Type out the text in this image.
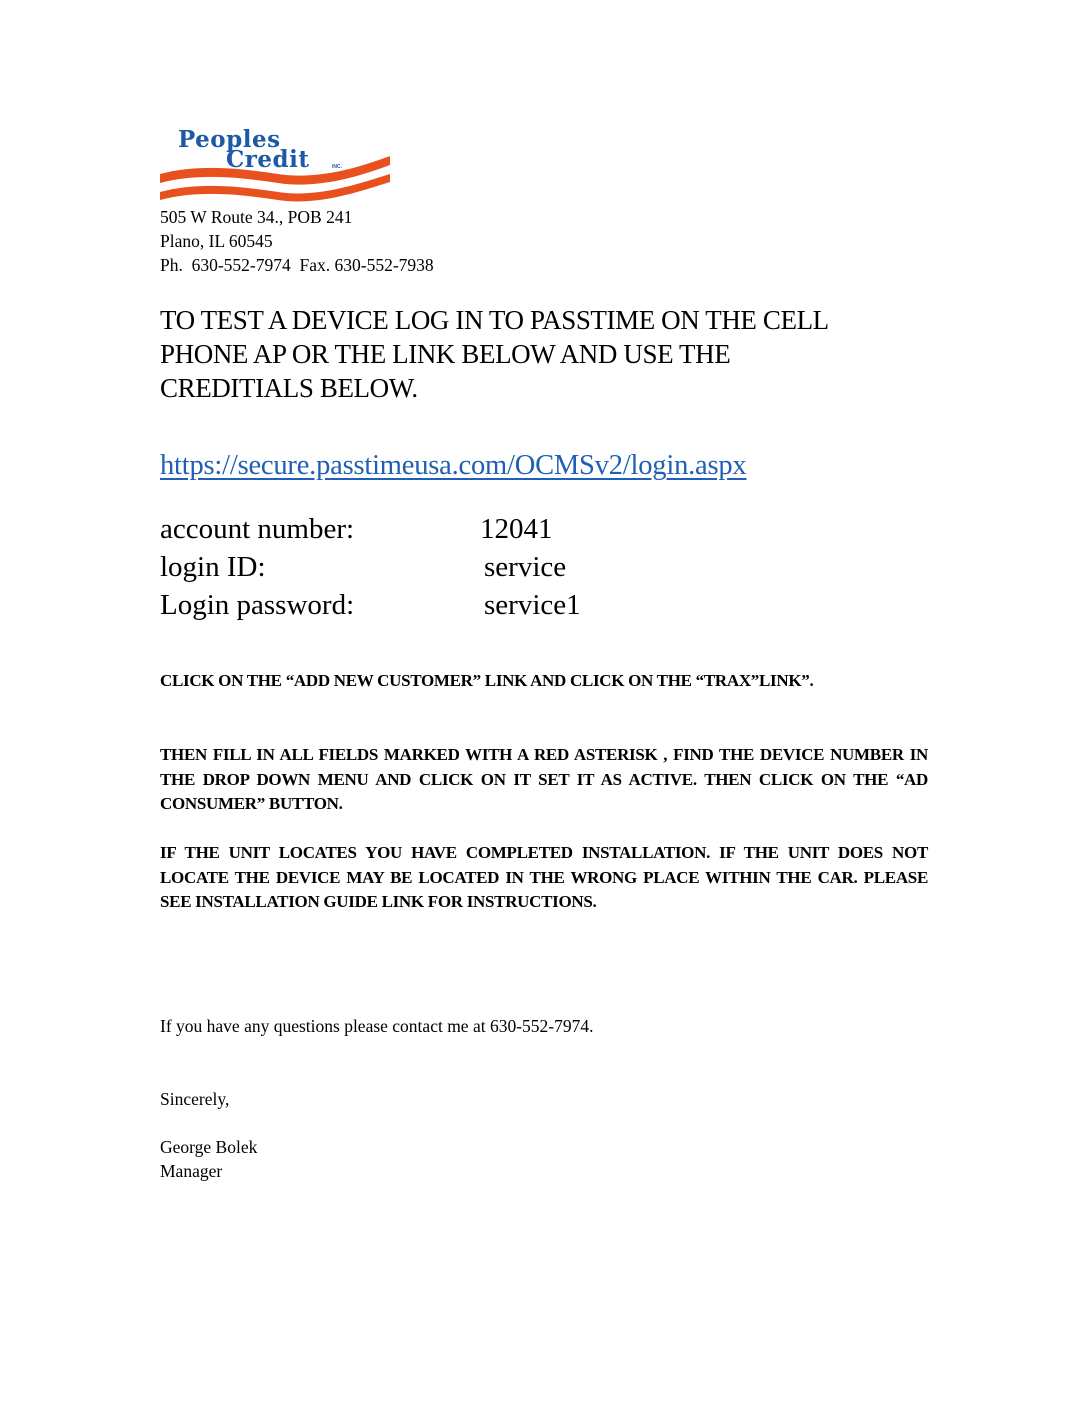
Peoples
Credit	INC.
505 W Route 34., POB 241
Plano, IL 60545
Ph.  630-552-7974  Fax. 630-552-7938
TO TEST A DEVICE LOG IN TO PASSTIME ON THE CELL
PHONE AP OR THE LINK BELOW AND USE THE
CREDITIALS BELOW.
https://secure.passtimeusa.com/OCMSv2/login.aspx
account number:	12041
login ID:	service
Login password:	service1
CLICK ON THE “ADD NEW CUSTOMER” LINK AND CLICK ON THE “TRAX”LINK”.
THEN FILL IN ALL FIELDS MARKED WITH A RED ASTERISK , FIND THE DEVICE NUMBER IN THE DROP DOWN MENU AND CLICK ON IT SET IT AS ACTIVE. THEN CLICK ON THE “AD CONSUMER” BUTTON.
IF THE UNIT LOCATES YOU HAVE COMPLETED INSTALLATION. IF THE UNIT DOES NOT LOCATE THE DEVICE MAY BE LOCATED IN THE WRONG PLACE WITHIN THE CAR. PLEASE SEE INSTALLATION GUIDE LINK FOR INSTRUCTIONS.
If you have any questions please contact me at 630-552-7974.
Sincerely,
George Bolek
Manager
